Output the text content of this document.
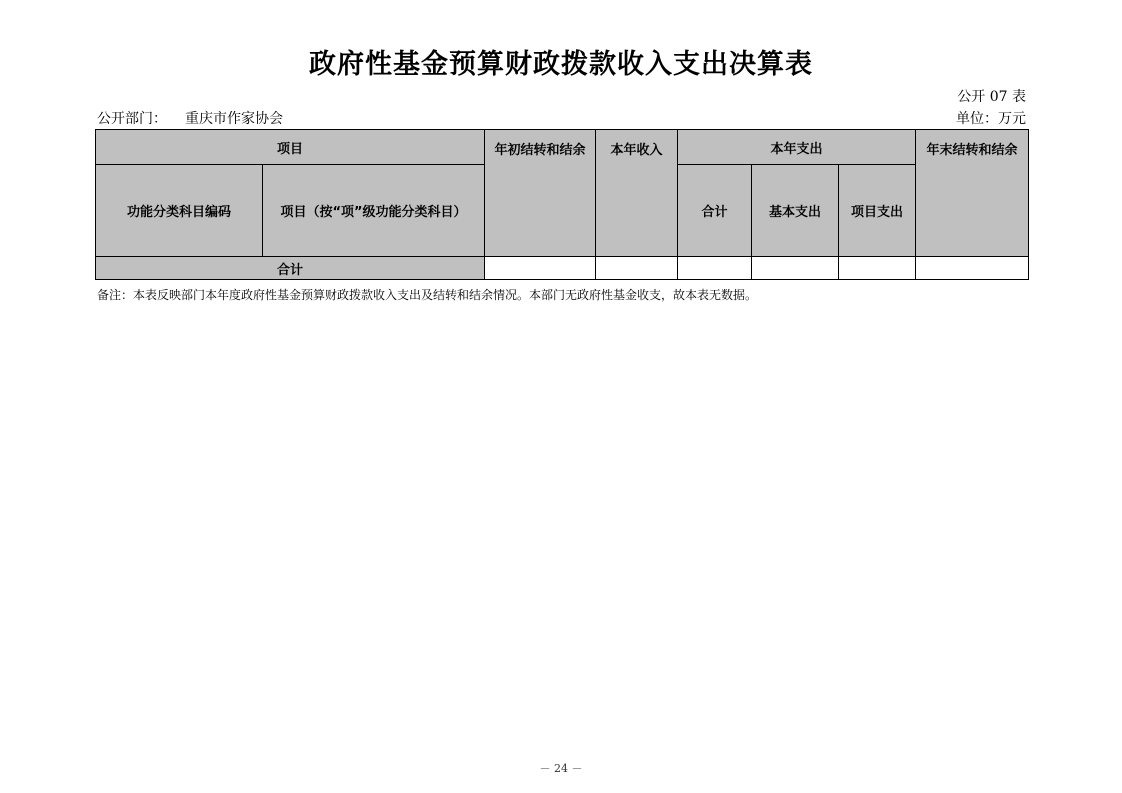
政府性基金预算财政拨款收入支出决算表
公开 07 表
公开部门： 重庆市作家协会	单位：万元
项目		年初结转和结余	本年收入	本年支出			年末结转和结余
功能分类科目编码	项目（按“项”级功能分类科目）			合计	基本支出	项目支出	
合计							
备注：本表反映部门本年度政府性基金预算财政拨款收入支出及结转和结余情况。本部门无政府性基金收支，故本表无数据。
－ 24 －
